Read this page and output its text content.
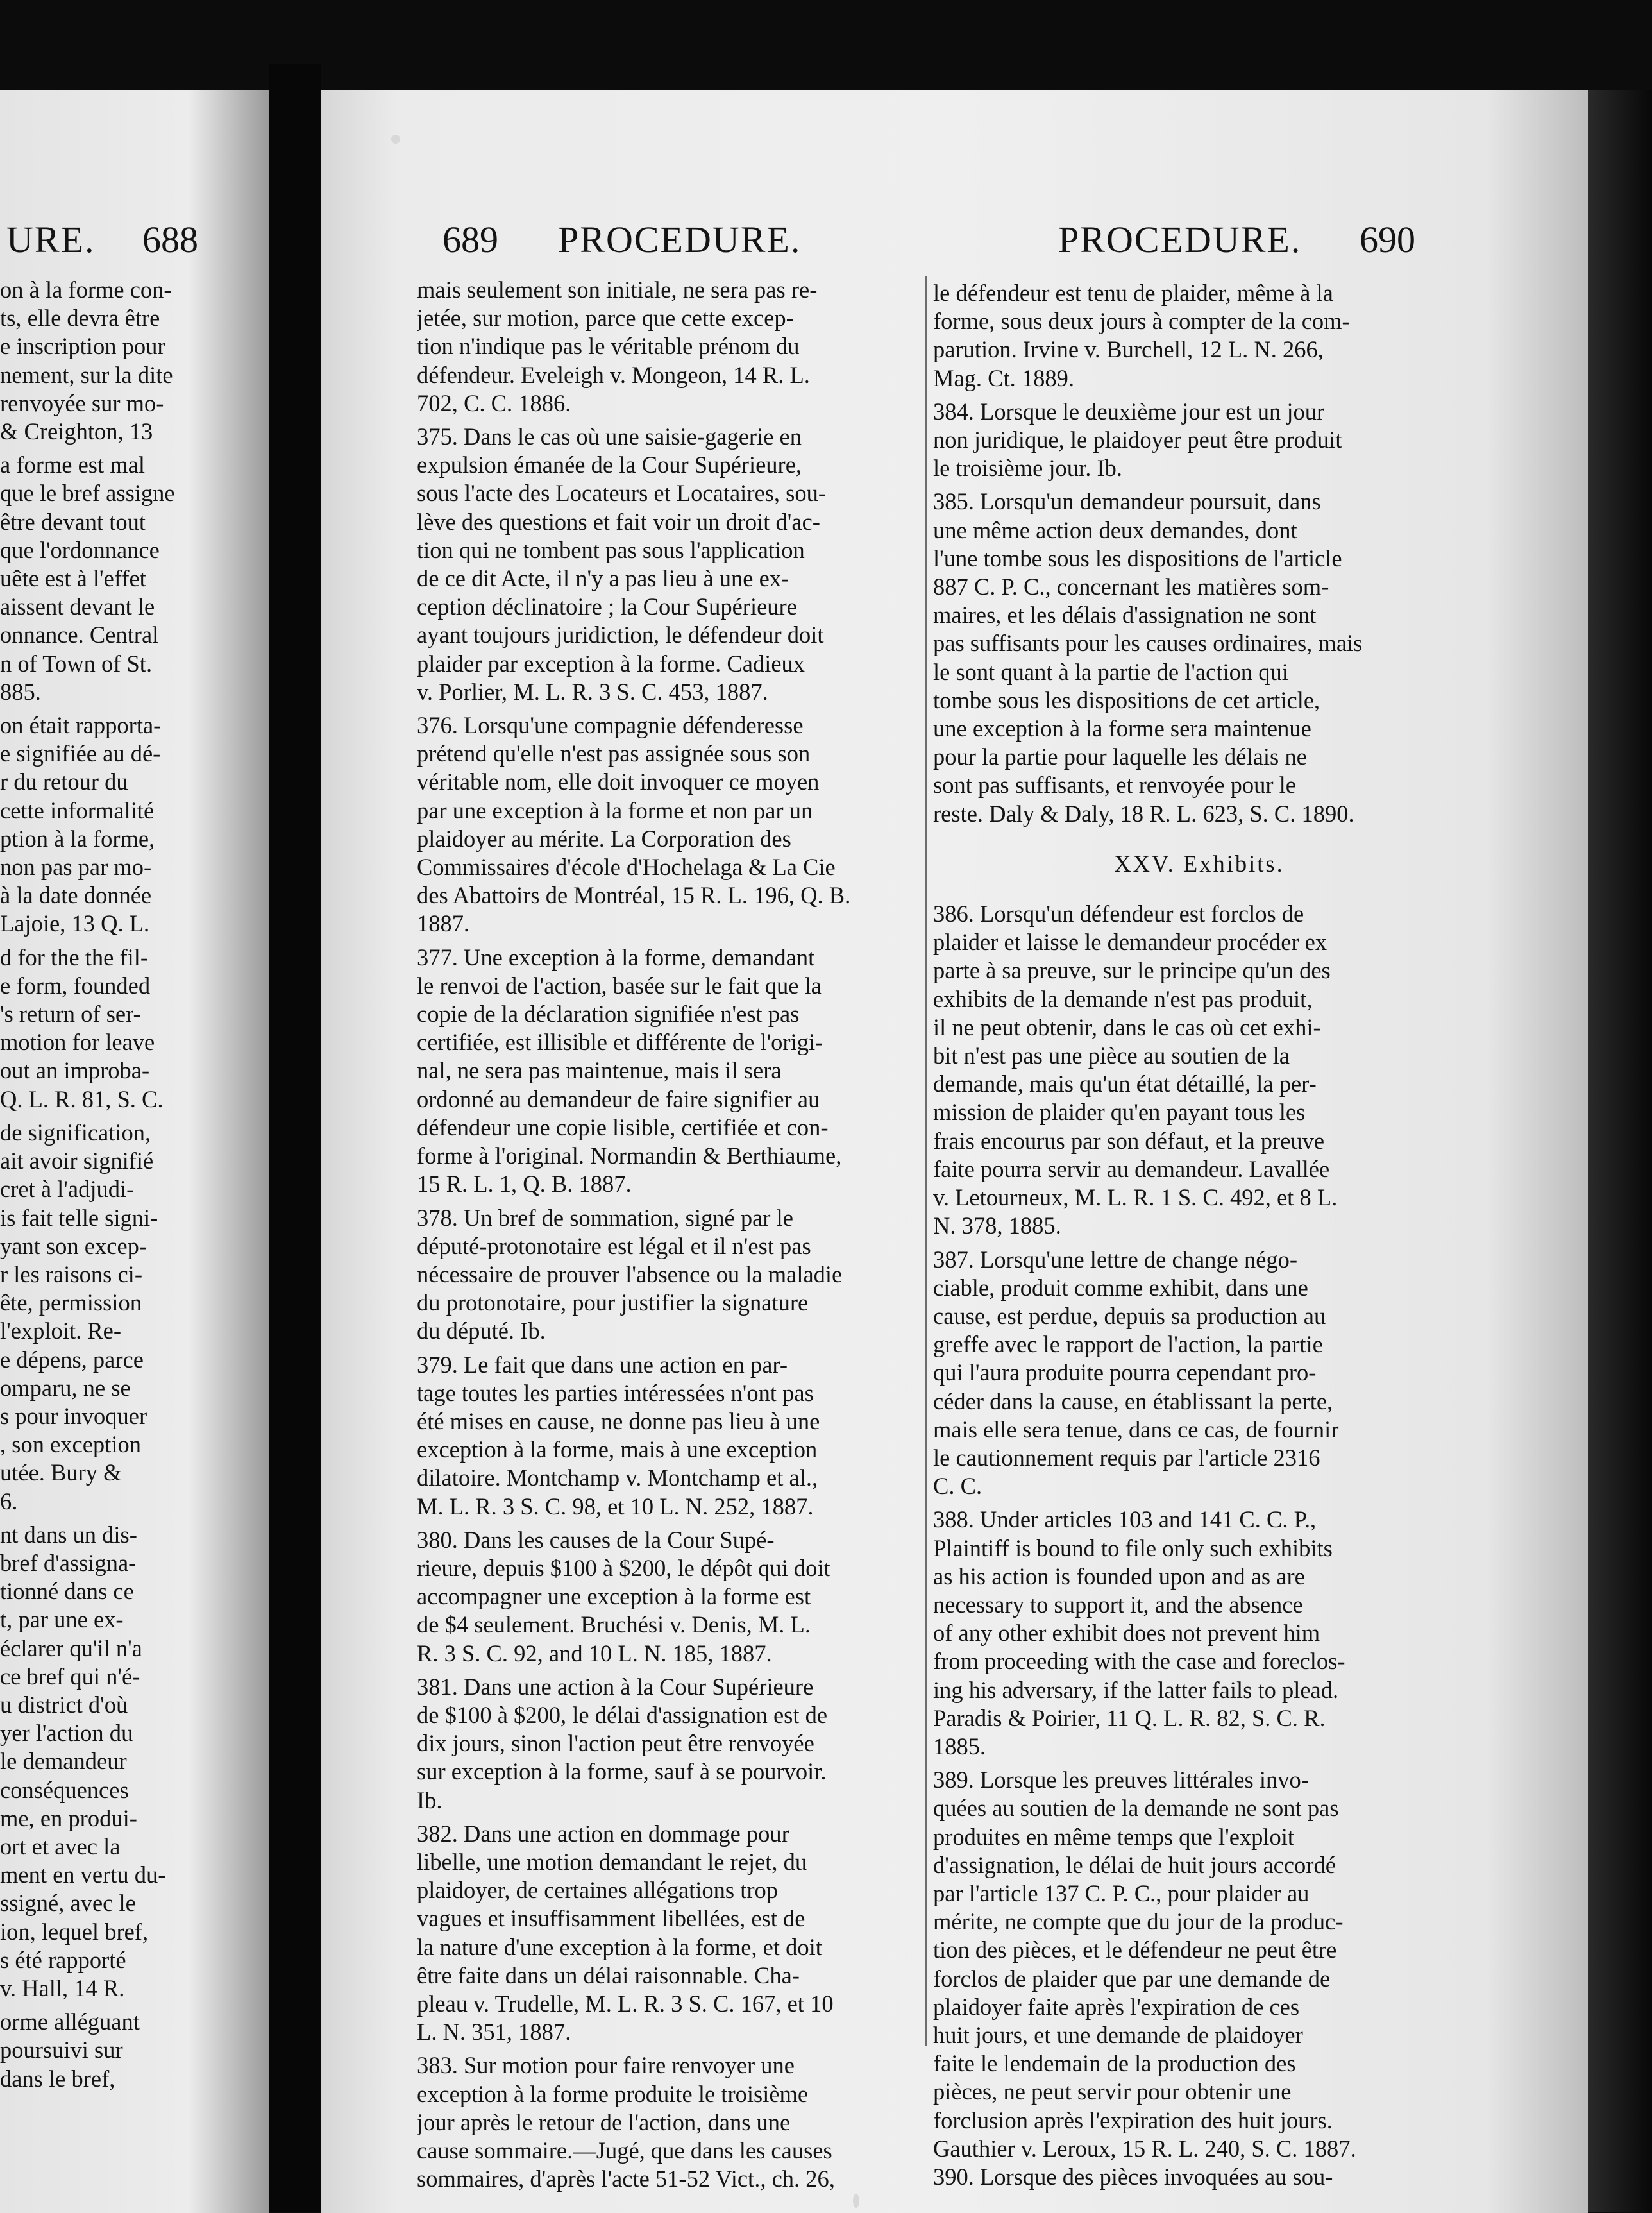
URE. 688
on à la forme con-
ts, elle devra être
e inscription pour
nement, sur la dite
renvoyée sur mo-
& Creighton, 13
a forme est mal
que le bref assigne
être devant tout
que l'ordonnance
uête est à l'effet
aissent devant le
onnance. Central
n of Town of St.
885.
on était rapporta-
e signifiée au dé-
r du retour du
cette informalité
ption à la forme,
non pas par mo-
à la date donnée
Lajoie, 13 Q. L.
d for the the fil-
e form, founded
's return of ser-
motion for leave
out an improba-
Q. L. R. 81, S. C.
de signification,
ait avoir signifié
cret à l'adjudi-
is fait telle signi-
yant son excep-
r les raisons ci-
ête, permission
l'exploit. Re-
e dépens, parce
omparu, ne se
s pour invoquer
, son exception
utée. Bury &
6.
nt dans un dis-
bref d'assigna-
tionné dans ce
t, par une ex-
éclarer qu'il n'a
ce bref qui n'é-
u district d'où
yer l'action du
le demandeur
conséquences
me, en produi-
ort et avec la
ment en vertu du-
ssigné, avec le
ion, lequel bref,
s été rapporté
v. Hall, 14 R.
orme alléguant
poursuivi sur
dans le bref,
689 PROCEDURE.	PROCEDURE. 690
mais seulement son initiale, ne sera pas re-
jetée, sur motion, parce que cette excep-
tion n'indique pas le véritable prénom du
défendeur. Eveleigh v. Mongeon, 14 R. L.
702, C. C. 1886.
375. Dans le cas où une saisie-gagerie en
expulsion émanée de la Cour Supérieure,
sous l'acte des Locateurs et Locataires, sou-
lève des questions et fait voir un droit d'ac-
tion qui ne tombent pas sous l'application
de ce dit Acte, il n'y a pas lieu à une ex-
ception déclinatoire ; la Cour Supérieure
ayant toujours juridiction, le défendeur doit
plaider par exception à la forme. Cadieux
v. Porlier, M. L. R. 3 S. C. 453, 1887.
376. Lorsqu'une compagnie défenderesse
prétend qu'elle n'est pas assignée sous son
véritable nom, elle doit invoquer ce moyen
par une exception à la forme et non par un
plaidoyer au mérite. La Corporation des
Commissaires d'école d'Hochelaga & La Cie
des Abattoirs de Montréal, 15 R. L. 196, Q. B.
1887.
377. Une exception à la forme, demandant
le renvoi de l'action, basée sur le fait que la
copie de la déclaration signifiée n'est pas
certifiée, est illisible et différente de l'origi-
nal, ne sera pas maintenue, mais il sera
ordonné au demandeur de faire signifier au
défendeur une copie lisible, certifiée et con-
forme à l'original. Normandin & Berthiaume,
15 R. L. 1, Q. B. 1887.
378. Un bref de sommation, signé par le
député-protonotaire est légal et il n'est pas
nécessaire de prouver l'absence ou la maladie
du protonotaire, pour justifier la signature
du député. Ib.
379. Le fait que dans une action en par-
tage toutes les parties intéressées n'ont pas
été mises en cause, ne donne pas lieu à une
exception à la forme, mais à une exception
dilatoire. Montchamp v. Montchamp et al.,
M. L. R. 3 S. C. 98, et 10 L. N. 252, 1887.
380. Dans les causes de la Cour Supé-
rieure, depuis $100 à $200, le dépôt qui doit
accompagner une exception à la forme est
de $4 seulement. Bruchési v. Denis, M. L.
R. 3 S. C. 92, and 10 L. N. 185, 1887.
381. Dans une action à la Cour Supérieure
de $100 à $200, le délai d'assignation est de
dix jours, sinon l'action peut être renvoyée
sur exception à la forme, sauf à se pourvoir.
Ib.
382. Dans une action en dommage pour
libelle, une motion demandant le rejet, du
plaidoyer, de certaines allégations trop
vagues et insuffisamment libellées, est de
la nature d'une exception à la forme, et doit
être faite dans un délai raisonnable. Cha-
pleau v. Trudelle, M. L. R. 3 S. C. 167, et 10
L. N. 351, 1887.
383. Sur motion pour faire renvoyer une
exception à la forme produite le troisième
jour après le retour de l'action, dans une
cause sommaire.—Jugé, que dans les causes
sommaires, d'après l'acte 51-52 Vict., ch. 26,
le défendeur est tenu de plaider, même à la
forme, sous deux jours à compter de la com-
parution. Irvine v. Burchell, 12 L. N. 266,
Mag. Ct. 1889.
384. Lorsque le deuxième jour est un jour
non juridique, le plaidoyer peut être produit
le troisième jour. Ib.
385. Lorsqu'un demandeur poursuit, dans
une même action deux demandes, dont
l'une tombe sous les dispositions de l'article
887 C. P. C., concernant les matières som-
maires, et les délais d'assignation ne sont
pas suffisants pour les causes ordinaires, mais
le sont quant à la partie de l'action qui
tombe sous les dispositions de cet article,
une exception à la forme sera maintenue
pour la partie pour laquelle les délais ne
sont pas suffisants, et renvoyée pour le
reste. Daly & Daly, 18 R. L. 623, S. C. 1890.
XXV. Exhibits.
386. Lorsqu'un défendeur est forclos de
plaider et laisse le demandeur procéder ex
parte à sa preuve, sur le principe qu'un des
exhibits de la demande n'est pas produit,
il ne peut obtenir, dans le cas où cet exhi-
bit n'est pas une pièce au soutien de la
demande, mais qu'un état détaillé, la per-
mission de plaider qu'en payant tous les
frais encourus par son défaut, et la preuve
faite pourra servir au demandeur. Lavallée
v. Letourneux, M. L. R. 1 S. C. 492, et 8 L.
N. 378, 1885.
387. Lorsqu'une lettre de change négo-
ciable, produit comme exhibit, dans une
cause, est perdue, depuis sa production au
greffe avec le rapport de l'action, la partie
qui l'aura produite pourra cependant pro-
céder dans la cause, en établissant la perte,
mais elle sera tenue, dans ce cas, de fournir
le cautionnement requis par l'article 2316
C. C.
388. Under articles 103 and 141 C. C. P.,
Plaintiff is bound to file only such exhibits
as his action is founded upon and as are
necessary to support it, and the absence
of any other exhibit does not prevent him
from proceeding with the case and foreclos-
ing his adversary, if the latter fails to plead.
Paradis & Poirier, 11 Q. L. R. 82, S. C. R.
1885.
389. Lorsque les preuves littérales invo-
quées au soutien de la demande ne sont pas
produites en même temps que l'exploit
d'assignation, le délai de huit jours accordé
par l'article 137 C. P. C., pour plaider au
mérite, ne compte que du jour de la produc-
tion des pièces, et le défendeur ne peut être
forclos de plaider que par une demande de
plaidoyer faite après l'expiration de ces
huit jours, et une demande de plaidoyer
faite le lendemain de la production des
pièces, ne peut servir pour obtenir une
forclusion après l'expiration des huit jours.
Gauthier v. Leroux, 15 R. L. 240, S. C. 1887.
390. Lorsque des pièces invoquées au sou-
